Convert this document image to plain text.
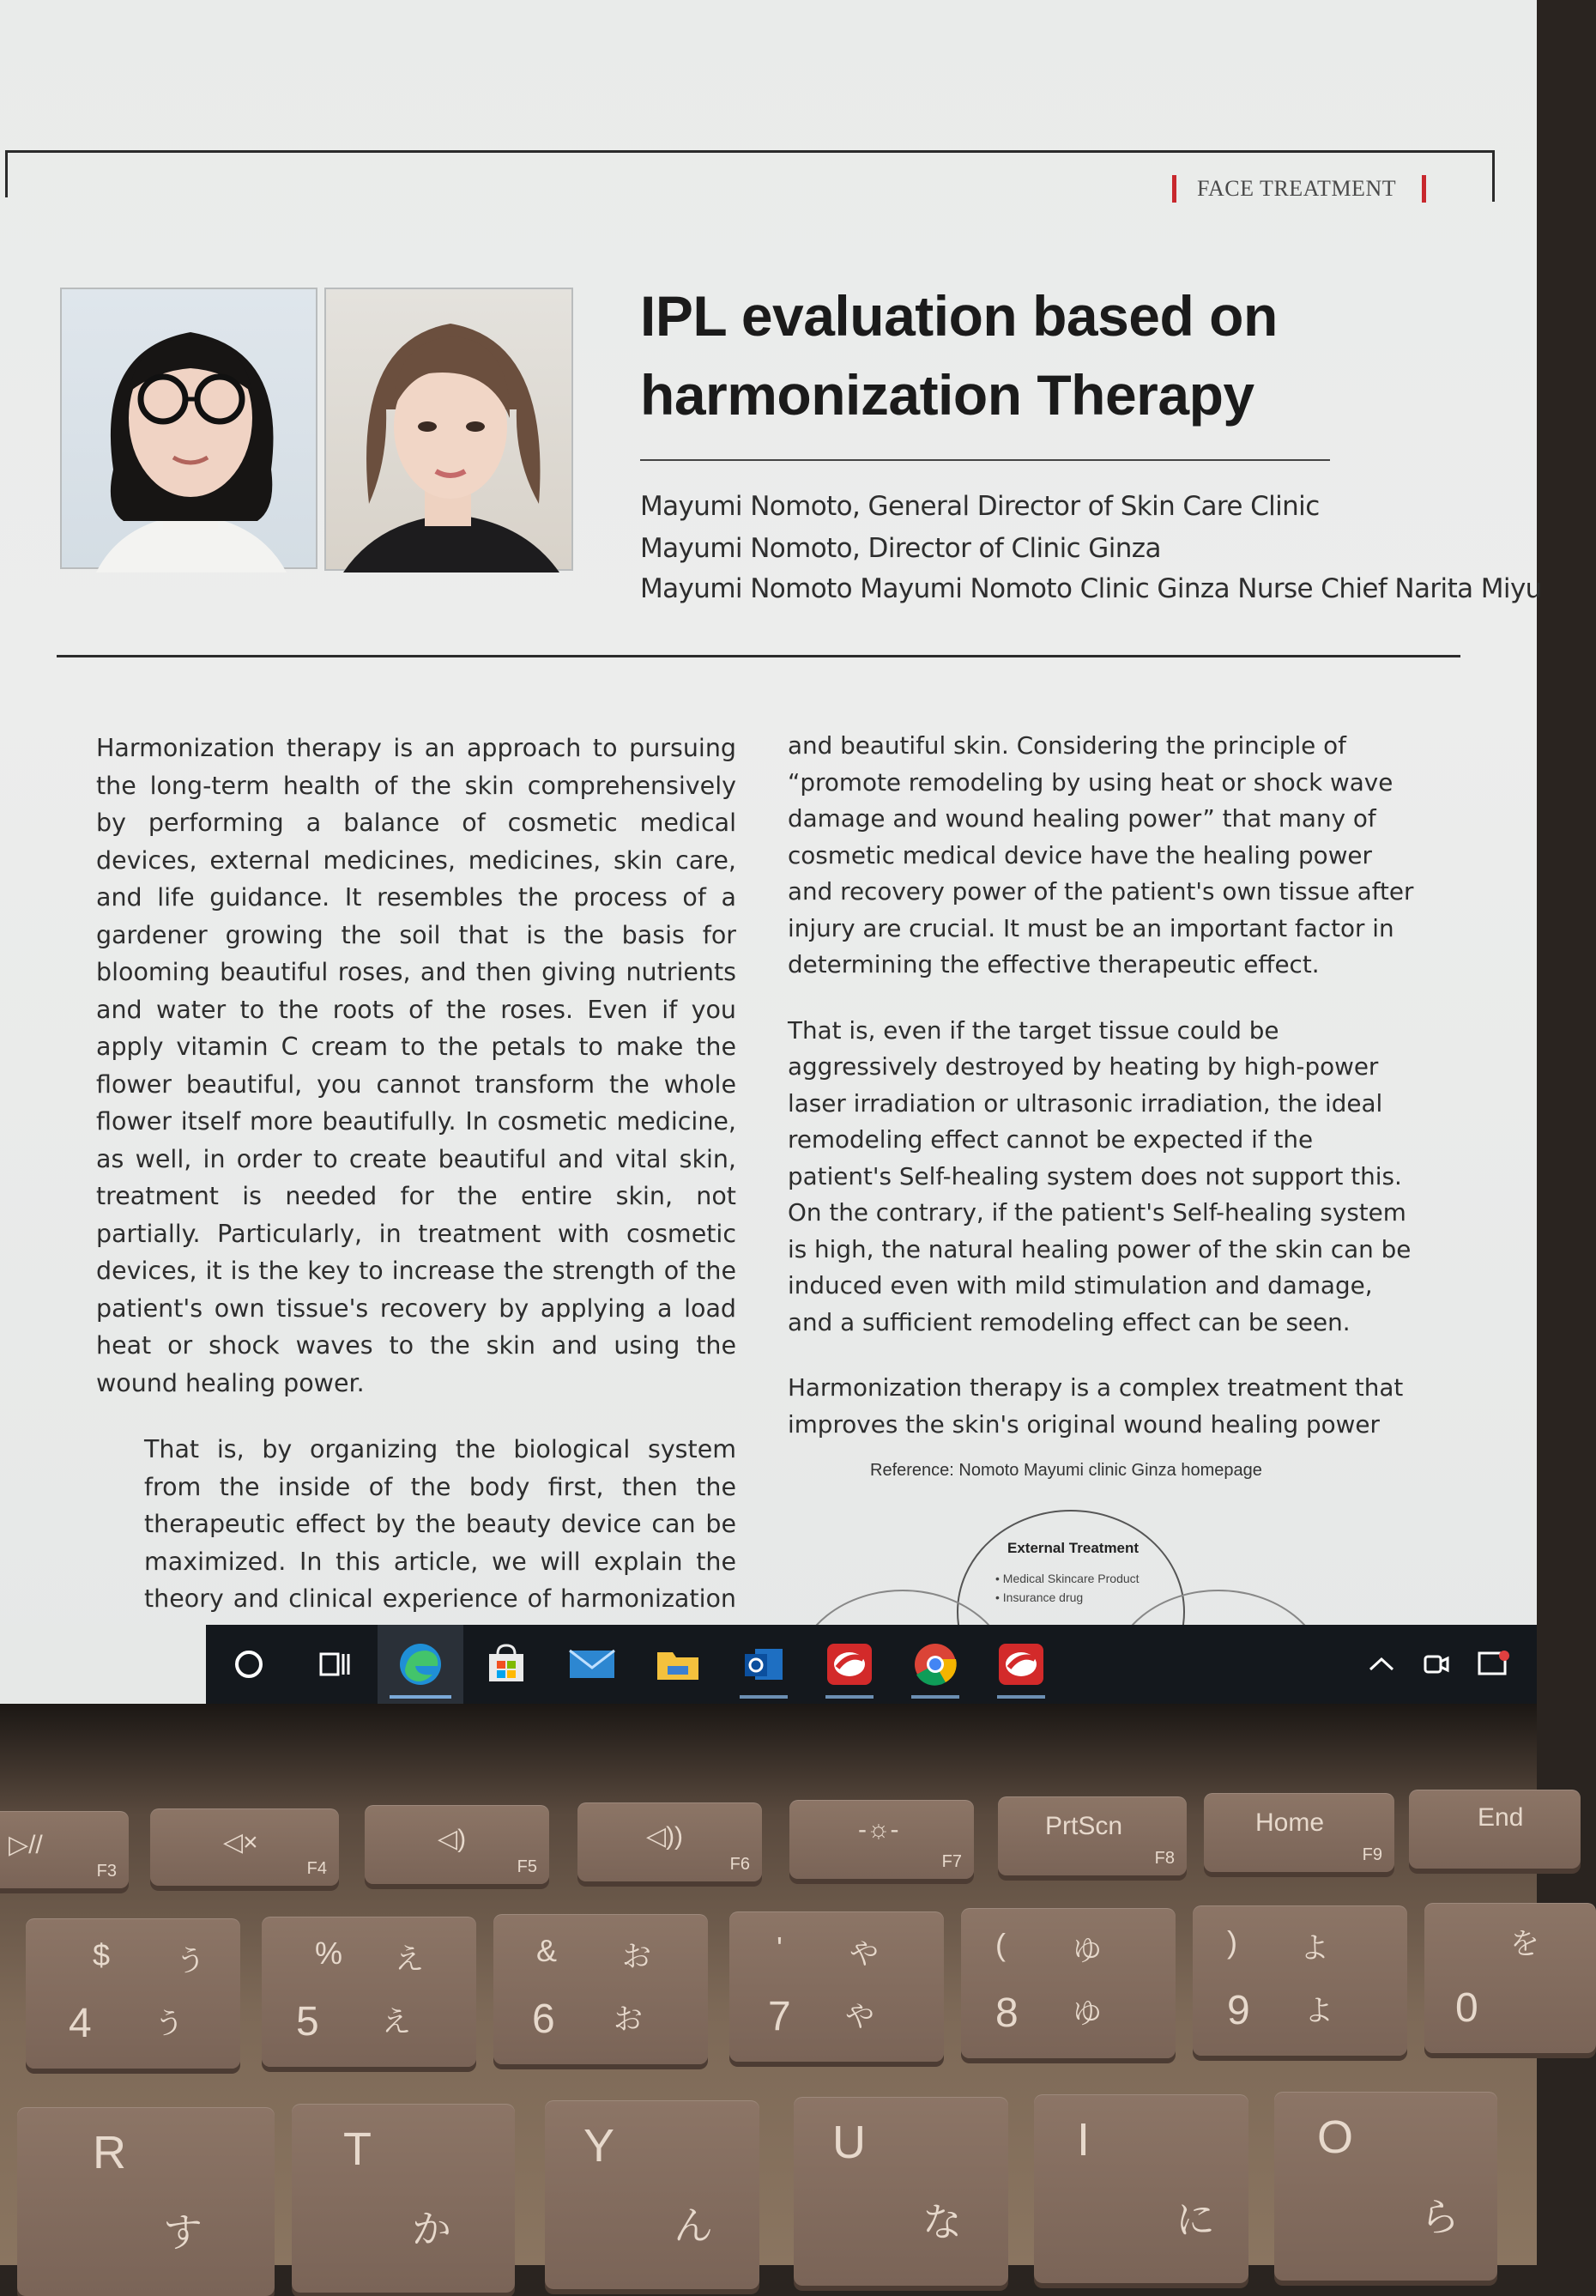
FACE TREATMENT
IPL evaluation based on
harmonization Therapy
Mayumi Nomoto, General Director of Skin Care Clinic
Mayumi Nomoto, Director of Clinic Ginza
Mayumi Nomoto Mayumi Nomoto Clinic Ginza Nurse Chief Narita Miyu

Harmonization therapy is an approach to pursuing the long-term health of the skin comprehensively by performing a balance of cosmetic medical devices, external medicines, medicines, skin care, and life guidance. It resembles the process of a gardener growing the soil that is the basis for blooming beautiful roses, and then giving nutrients and water to the roots of the roses. Even if you apply vitamin C cream to the petals to make the flower beautiful, you cannot transform the whole flower itself more beautifully. In cosmetic medicine, as well, in order to create beautiful and vital skin, treatment is needed for the entire skin, not partially. Particularly, in treatment with cosmetic devices, it is the key to increase the strength of the patient's own tissue's recovery by applying a load heat or shock waves to the skin and using the wound healing power.

That is, by organizing the biological system from the inside of the body first, then the therapeutic effect by the beauty device can be maximized. In this article, we will explain the theory and clinical experience of harmonization

and beautiful skin. Considering the principle of “promote remodeling by using heat or shock wave damage and wound healing power” that many of cosmetic medical device have the healing power and recovery power of the patient's own tissue after injury are crucial. It must be an important factor in determining the effective therapeutic effect.

That is, even if the target tissue could be aggressively destroyed by heating by high-power laser irradiation or ultrasonic irradiation, the ideal remodeling effect cannot be expected if the patient's Self-healing system does not support this. On the contrary, if the patient's Self-healing system is high, the natural healing power of the skin can be induced even with mild stimulation and damage, and a sufficient remodeling effect can be seen.

Harmonization therapy is a complex treatment that improves the skin's original wound healing power

Reference: Nomoto Mayumi clinic Ginza homepage
External Treatment
• Medical Skincare Product
• Insurance drug
▷//
F3
◁×
F4
◁)
F5
◁))
F6
-☼-
F7
PrtScn
F8
Home
F9
End
$ う
4 う
% え
5 え
& お
6 お
' や
7 や
( ゆ
8 ゆ
) よ
9 よ
を
0
R
す
T
か
Y
ん
U
な
I
に
O
ら
